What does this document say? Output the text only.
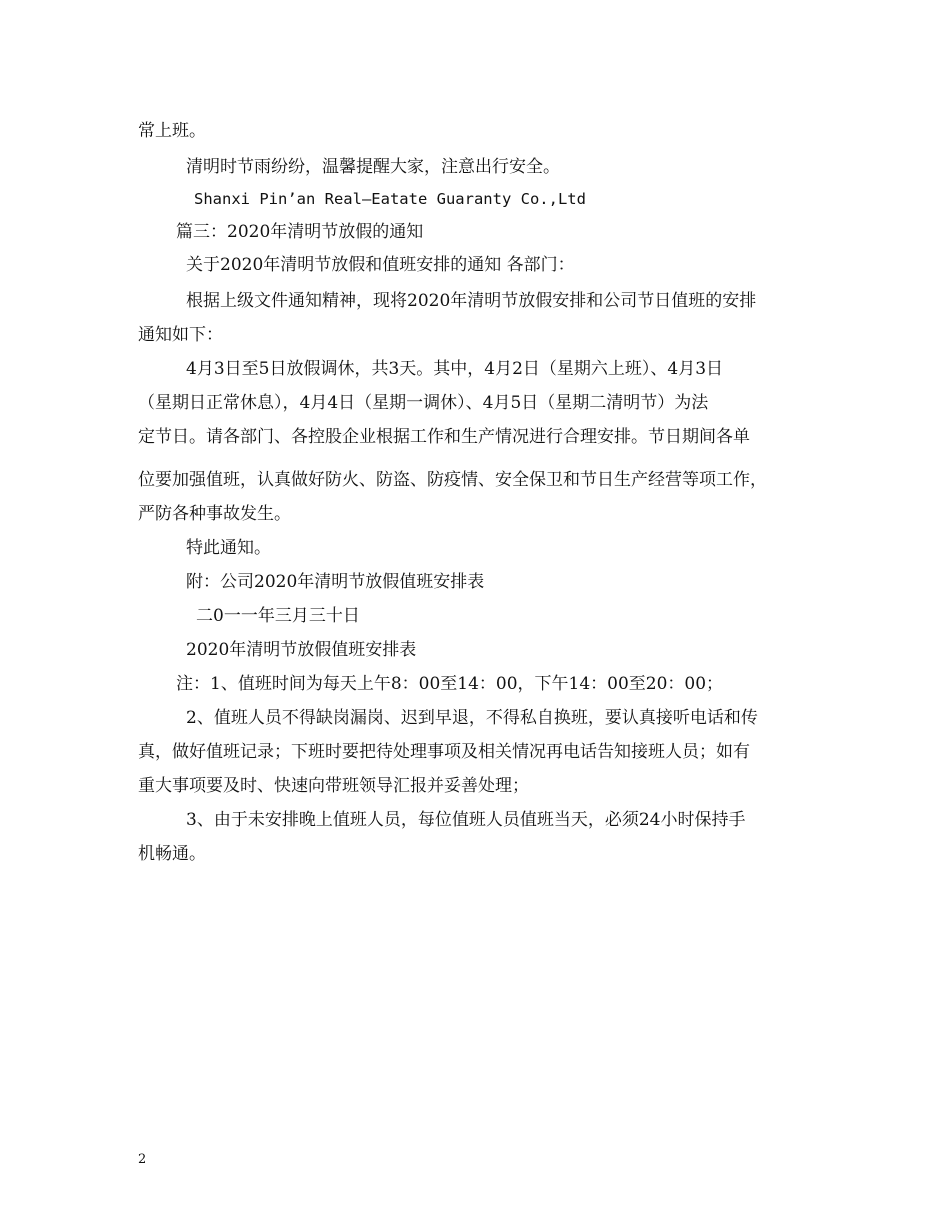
常上班。
清明时节雨纷纷，温馨提醒大家，注意出行安全。
Shanxi Pin’an Real—Eatate Guaranty Co.,Ltd
篇三：2020年清明节放假的通知
关于2020年清明节放假和值班安排的通知 各部门：
根据上级文件通知精神，现将2020年清明节放假安排和公司节日值班的安排
通知如下：
4月3日至5日放假调休，共3天。其中，4月2日（星期六上班）、4月3日
（星期日正常休息），4月4日（星期一调休）、4月5日（星期二清明节）为法
定节日。请各部门、各控股企业根据工作和生产情况进行合理安排。节日期间各单
位要加强值班，认真做好防火、防盗、防疫情、安全保卫和节日生产经营等项工作，
严防各种事故发生。
特此通知。
附：公司2020年清明节放假值班安排表
二0一一年三月三十日
2020年清明节放假值班安排表
注：1、值班时间为每天上午8：00至14：00，下午14：00至20：00；
2、值班人员不得缺岗漏岗、迟到早退，不得私自换班，要认真接听电话和传
真，做好值班记录；下班时要把待处理事项及相关情况再电话告知接班人员；如有
重大事项要及时、快速向带班领导汇报并妥善处理；
3、由于未安排晚上值班人员，每位值班人员值班当天，必须24小时保持手
机畅通。
2
